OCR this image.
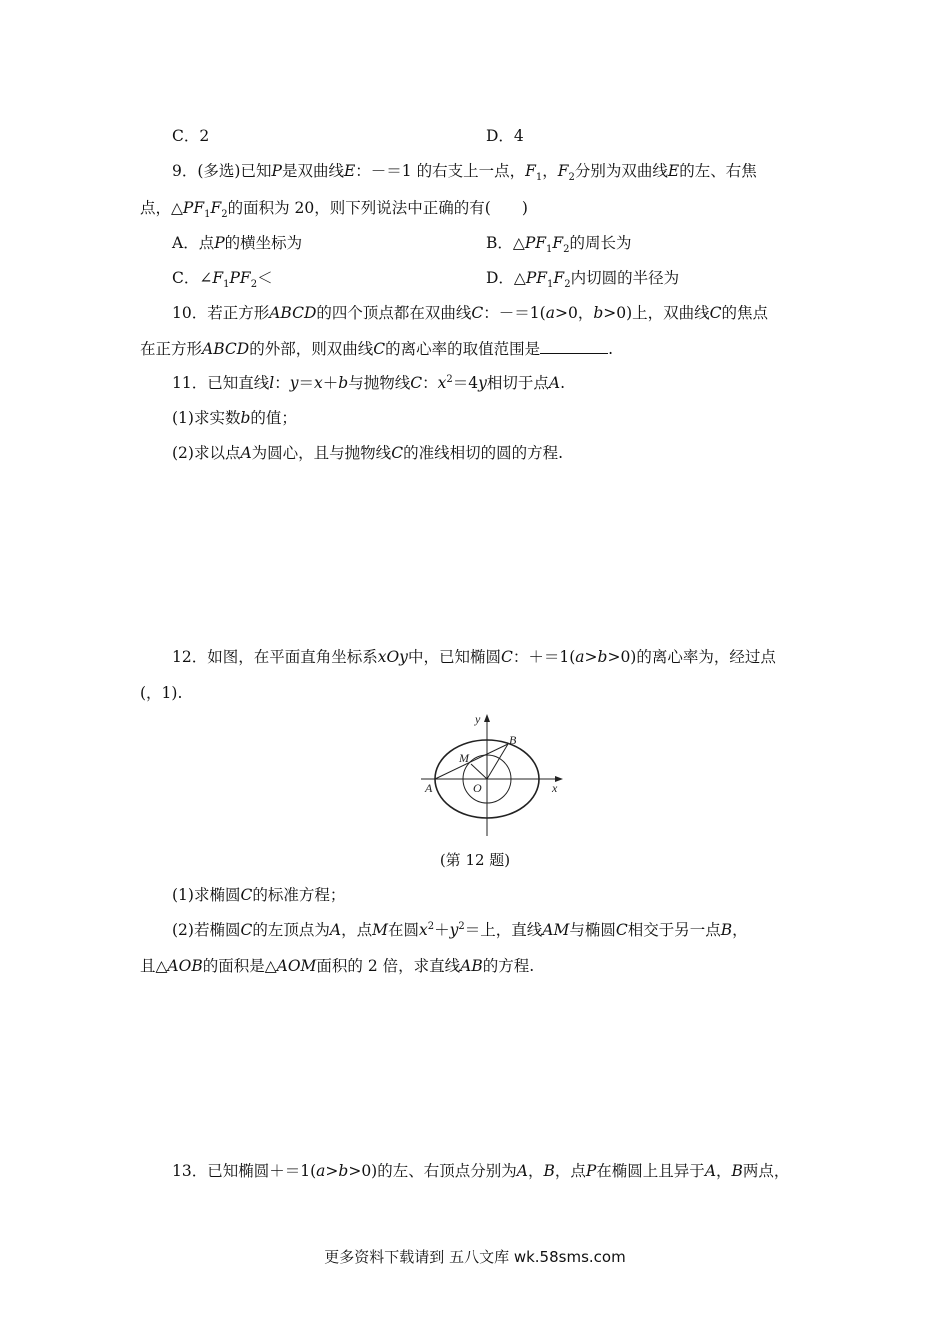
C．2	D．4
9．(多选)已知P是双曲线E：－＝1 的右支上一点，$F_1$，$F_2$分别为双曲线E的左、右焦
点，$\triangle PF_1F_2$的面积为 20，则下列说法中正确的有(　　)
A．点P的横坐标为	B．$\triangle PF_1F_2$的周长为
C．$\angle F_1PF_2<$	D．$\triangle PF_1F_2$内切圆的半径为
10．若正方形ABCD的四个顶点都在双曲线C：－＝1(a>0，b>0)上，双曲线C的焦点
在正方形ABCD的外部，则双曲线C的离心率的取值范围是	.
11．已知直线l：y＝x＋b与抛物线C：$x^2=4y$相切于点A.
(1)求实数b的值；
(2)求以点A为圆心，且与抛物线C的准线相切的圆的方程.
12．如图，在平面直角坐标系xOy中，已知椭圆C：＋＝1(a>b>0)的离心率为，经过点
(，1).
y
x
O
A
B
M
(第 12 题)
(1)求椭圆C的标准方程；
(2)若椭圆C的左顶点为A，点M在圆$x^2+y^2=$上，直线AM与椭圆C相交于另一点B，
且△AOB的面积是△AOM面积的 2 倍，求直线AB的方程.
13．已知椭圆＋＝1(a>b>0)的左、右顶点分别为A，B，点P在椭圆上且异于A，B两点，
更多资料下载请到 五八文库 wk.58sms.com
